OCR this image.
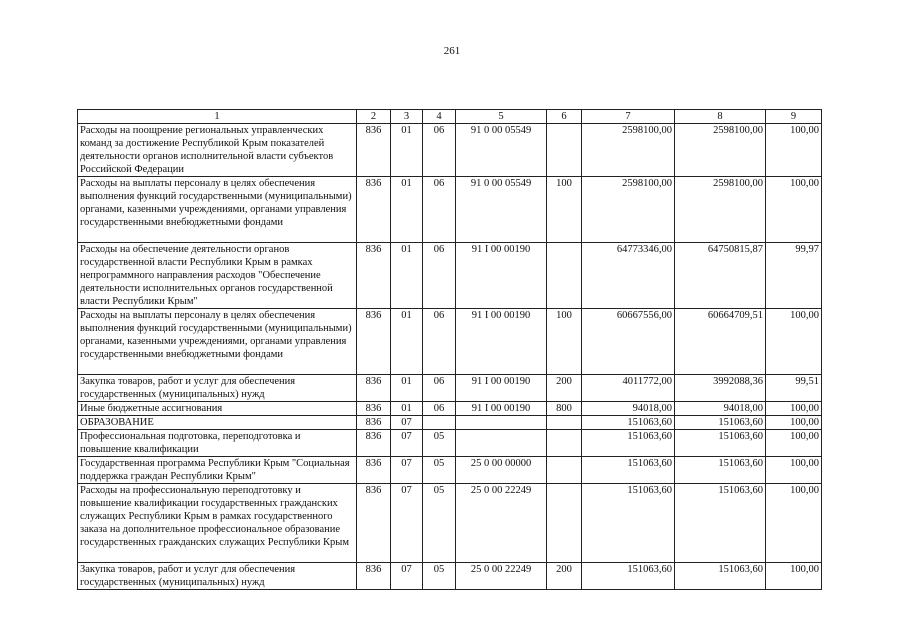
261
1	2	3	4	5	6	7	8	9
Расходы на поощрение региональных управленческих команд за достижение Республикой Крым показателей деятельности органов исполнительной власти субъектов Российской Федерации	836	01	06	91 0 00 05549		2598100,00	2598100,00	100,00
Расходы на выплаты персоналу в целях обеспечения выполнения функций государственными (муниципальными) органами, казенными учреждениями, органами управления государственными внебюджетными фондами	836	01	06	91 0 00 05549	100	2598100,00	2598100,00	100,00
Расходы на обеспечение деятельности органов государственной власти Республики Крым в рамках непрограммного направления расходов "Обеспечение деятельности исполнительных органов государственной власти Республики Крым"	836	01	06	91 I 00 00190		64773346,00	64750815,87	99,97
Расходы на выплаты персоналу в целях обеспечения выполнения функций государственными (муниципальными) органами, казенными учреждениями, органами управления государственными внебюджетными фондами	836	01	06	91 I 00 00190	100	60667556,00	60664709,51	100,00
Закупка товаров, работ и услуг для обеспечения государственных (муниципальных) нужд	836	01	06	91 I 00 00190	200	4011772,00	3992088,36	99,51
Иные бюджетные ассигнования	836	01	06	91 I 00 00190	800	94018,00	94018,00	100,00
ОБРАЗОВАНИЕ	836	07				151063,60	151063,60	100,00
Профессиональная подготовка, переподготовка и повышение квалификации	836	07	05			151063,60	151063,60	100,00
Государственная программа Республики Крым "Социальная поддержка граждан Республики Крым"	836	07	05	25 0 00 00000		151063,60	151063,60	100,00
Расходы на профессиональную переподготовку и повышение квалификации государственных гражданских служащих Республики Крым в рамках государственного заказа на дополнительное профессиональное образование государственных гражданских служащих Республики Крым	836	07	05	25 0 00 22249		151063,60	151063,60	100,00
Закупка товаров, работ и услуг для обеспечения государственных (муниципальных) нужд	836	07	05	25 0 00 22249	200	151063,60	151063,60	100,00
